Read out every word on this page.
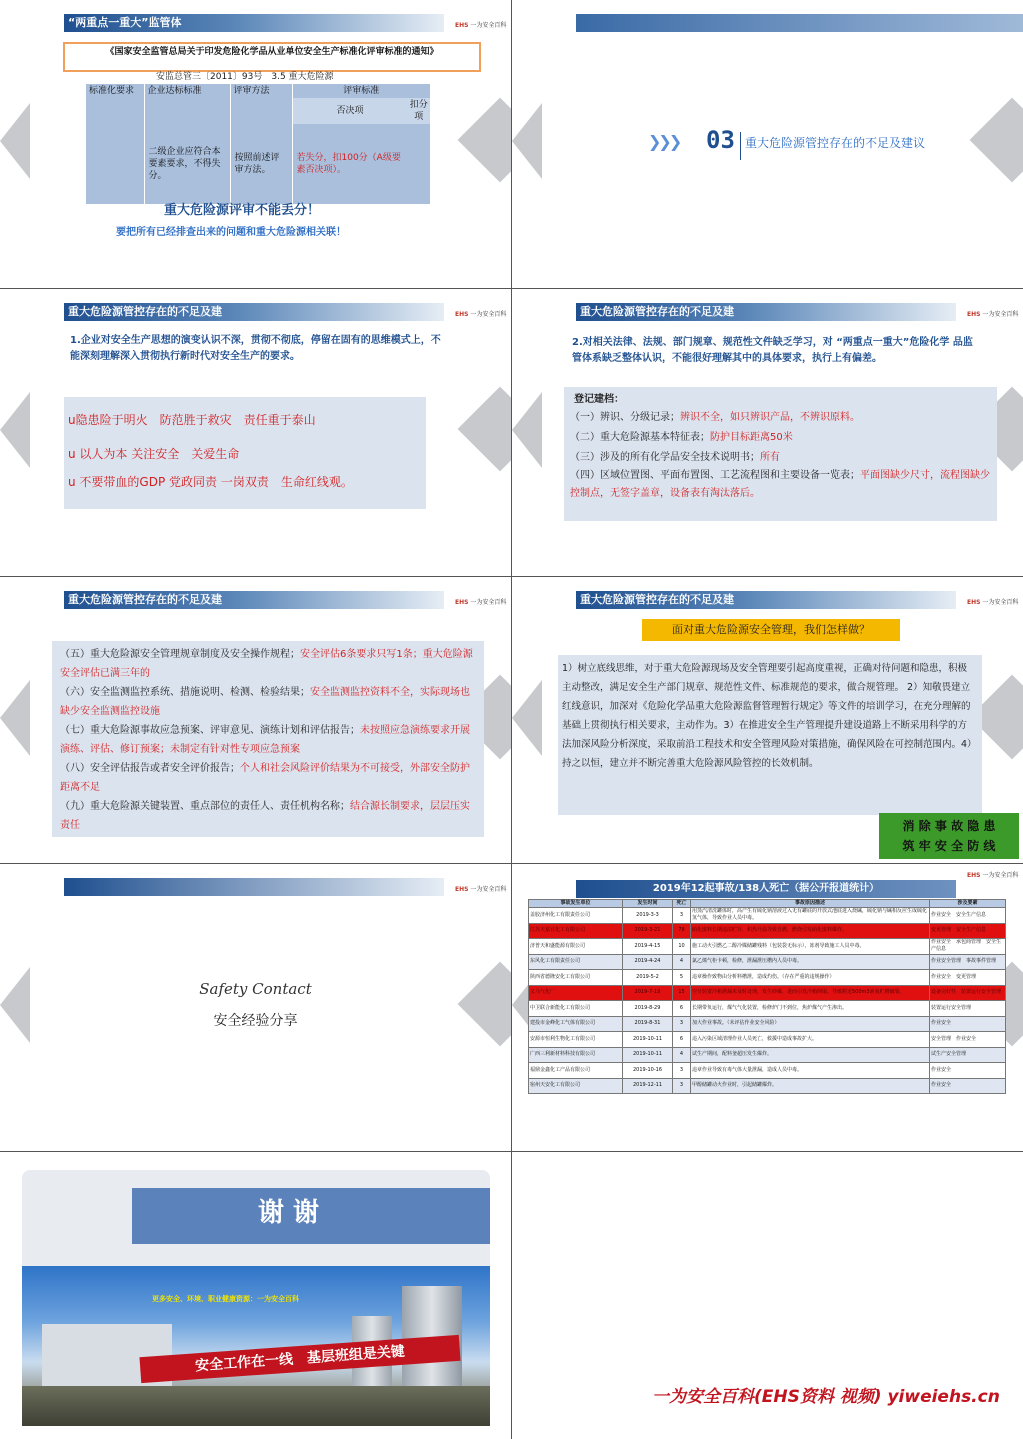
“两重点一重大”监管体	EHS 一为安全百科
《国家安全监管总局关于印发危险化学品从业单位安全生产标准化评审标准的通知》
安监总管三〔2011〕93号　3.5 重大危险源
标准化要求	企业达标标准	评审方法	评审标准	
			否决项	扣分项
	二级企业应符合本要素要求，不得失分。	按照前述评审方法。	若失分，扣100分（A级要素否决项）。	
重大危险源评审不能丢分！
要把所有已经排查出来的问题和重大危险源相关联！
❯❯❯ 03 重大危险源管控存在的不足及建议
重大危险源管控存在的不足及建	EHS 一为安全百科
1.企业对安全生产思想的演变认识不深，贯彻不彻底，停留在固有的思维模式上，不能深刻理解深入贯彻执行新时代对安全生产的要求。
u隐患险于明火　防范胜于救灾　责任重于泰山
u 以人为本 关注安全　关爱生命
u 不要带血的GDP 党政同责 一岗双责　生命红线观。
重大危险源管控存在的不足及建	EHS 一为安全百科
2.对相关法律、法规、部门规章、规范性文件缺乏学习，对 “两重点一重大”危险化学 品监管体系缺乏整体认识，不能很好理解其中的具体要求，执行上有偏差。
登记建档：
（一）辨识、分级记录；辨识不全，如只辨识产品，不辨识原料。
（二）重大危险源基本特征表；防护目标距离50米
（三）涉及的所有化学品安全技术说明书；所有
（四）区域位置图、平面布置图、工艺流程图和主要设备一览表；平面图缺少尺寸，流程图缺少控制点，无签字盖章，设备表有淘汰落后。
重大危险源管控存在的不足及建	EHS 一为安全百科
（五）重大危险源安全管理规章制度及安全操作规程；安全评估6条要求只写1条；重大危险源安全评估已满三年的
（六）安全监测监控系统、措施说明、检测、检验结果；安全监测监控资料不全，实际现场也缺少安全监测监控设施
（七）重大危险源事故应急预案、评审意见、演练计划和评估报告；未按照应急演练要求开展演练、评估、修订预案；未制定有针对性专项应急预案
（八）安全评估报告或者安全评价报告；个人和社会风险评价结果为不可接受，外部安全防护距离不足
（九）重大危险源关键装置、重点部位的责任人、责任机构名称；结合源长制要求，层层压实责任
重大危险源管控存在的不足及建	EHS 一为安全百科
面对重大危险源安全管理，我们怎样做？
1）树立底线思维，对于重大危险源现场及安全管理要引起高度重视，正确对待问题和隐患，积极主动整改，满足安全生产部门规章、规范性文件、标准规范的要求，做合规管理。 2）知敬畏建立红线意识，加深对《危险化学品重大危险源监督管理暂行规定》等文件的培训学习，在充分理解的基础上贯彻执行相关要求，主动作为。3）在推进安全生产管理提升建设道路上不断采用科学的方法加深风险分析深度，采取前沿工程技术和安全管理风险对策措施，确保风险在可控制范围内。4）持之以恒，建立并不断完善重大危险源风险管控的长效机制。
消 除 事 故 隐 患
筑 牢 安 全 防 线
EHS 一为安全百科
Safety Contact
安全经验分享
2019年12起事故/138人死亡（据公开报道统计）
EHS 一为安全百科
事故发生单位	发生时间	死亡	事故原因描述	涉及要素
盖胶济州化工有限责任公司	2019-3-3	3	用蒸汽清洗罐体时，高产生有硫化钠溶液过入无有罐底的开放式池底进入烧碱，硫化钠与碱相反应生成硫化氢气体，导致作业人员中毒。	作业安全　安全生产信息
江苏天嘉宜化工有限公司	2019-3-21	78	硝化废料长期违法贮存，积热升温导致自燃，燃烧引发硝化废料爆炸。	变更管理　安全生产信息
济普天和盛能源有限公司	2019-4-15	10	施工动火引燃乙二醇冷媒储罐残料（包装袋无标示），冻剂导致施工人员中毒。	作业安全　承包商管理　安全生产信息
东风化工有限责任公司	2019-4-24	4	氯乙烯气柜卡顿，检修，泄漏泄压槽内人员中毒。	作业安全管理　事故事件管理
陕西省德隆安化工有限公司	2019-5-2	5	违章操作致物由分析料槽泄，造成灼伤。（存在严重的违规操作）	作业安全　变更管理
义马气化厂	2019-7-19	15	空分装置冷箱泄漏未及时处理，发生砂爆，进而引发冷箱倒塌，导致附近500m3液氧贮槽破裂。	设备完好性　装置运行安全管理
中卫联合新能化工有限公司	2019-8-29	6	长期带负运行，煤气气化装置，检修炉门不到位，焦炉煤气产生渗出。	装置运行安全管理
建投市金峰化工气体有限公司	2019-8-31	3	加大作业事故。（未评估作业安全风险）	作业安全
安源市恒利生物化工有限公司	2019-10-11	6	违入污染区域清理作业人员死亡，救援中造成事故扩大。	安全管理　作业安全
广西三利新材料科技有限公司	2019-10-11	4	试生产期间，配料釜超压发生爆炸。	试生产安全管理
福鼎金鑫化工产品有限公司	2019-10-16	3	违章作业导致有毒气体大量泄漏，造成人员中毒。	作业安全
宿州天安化工有限公司	2019-12-11	3	甲醇储罐动火作业时，引起储罐爆炸。	作业安全
谢 谢
更多安全、环境、职业健康资源：一为安全百科
安全工作在一线　基层班组是关键
一为安全百科(EHS资料 视频) yiweiehs.cn
